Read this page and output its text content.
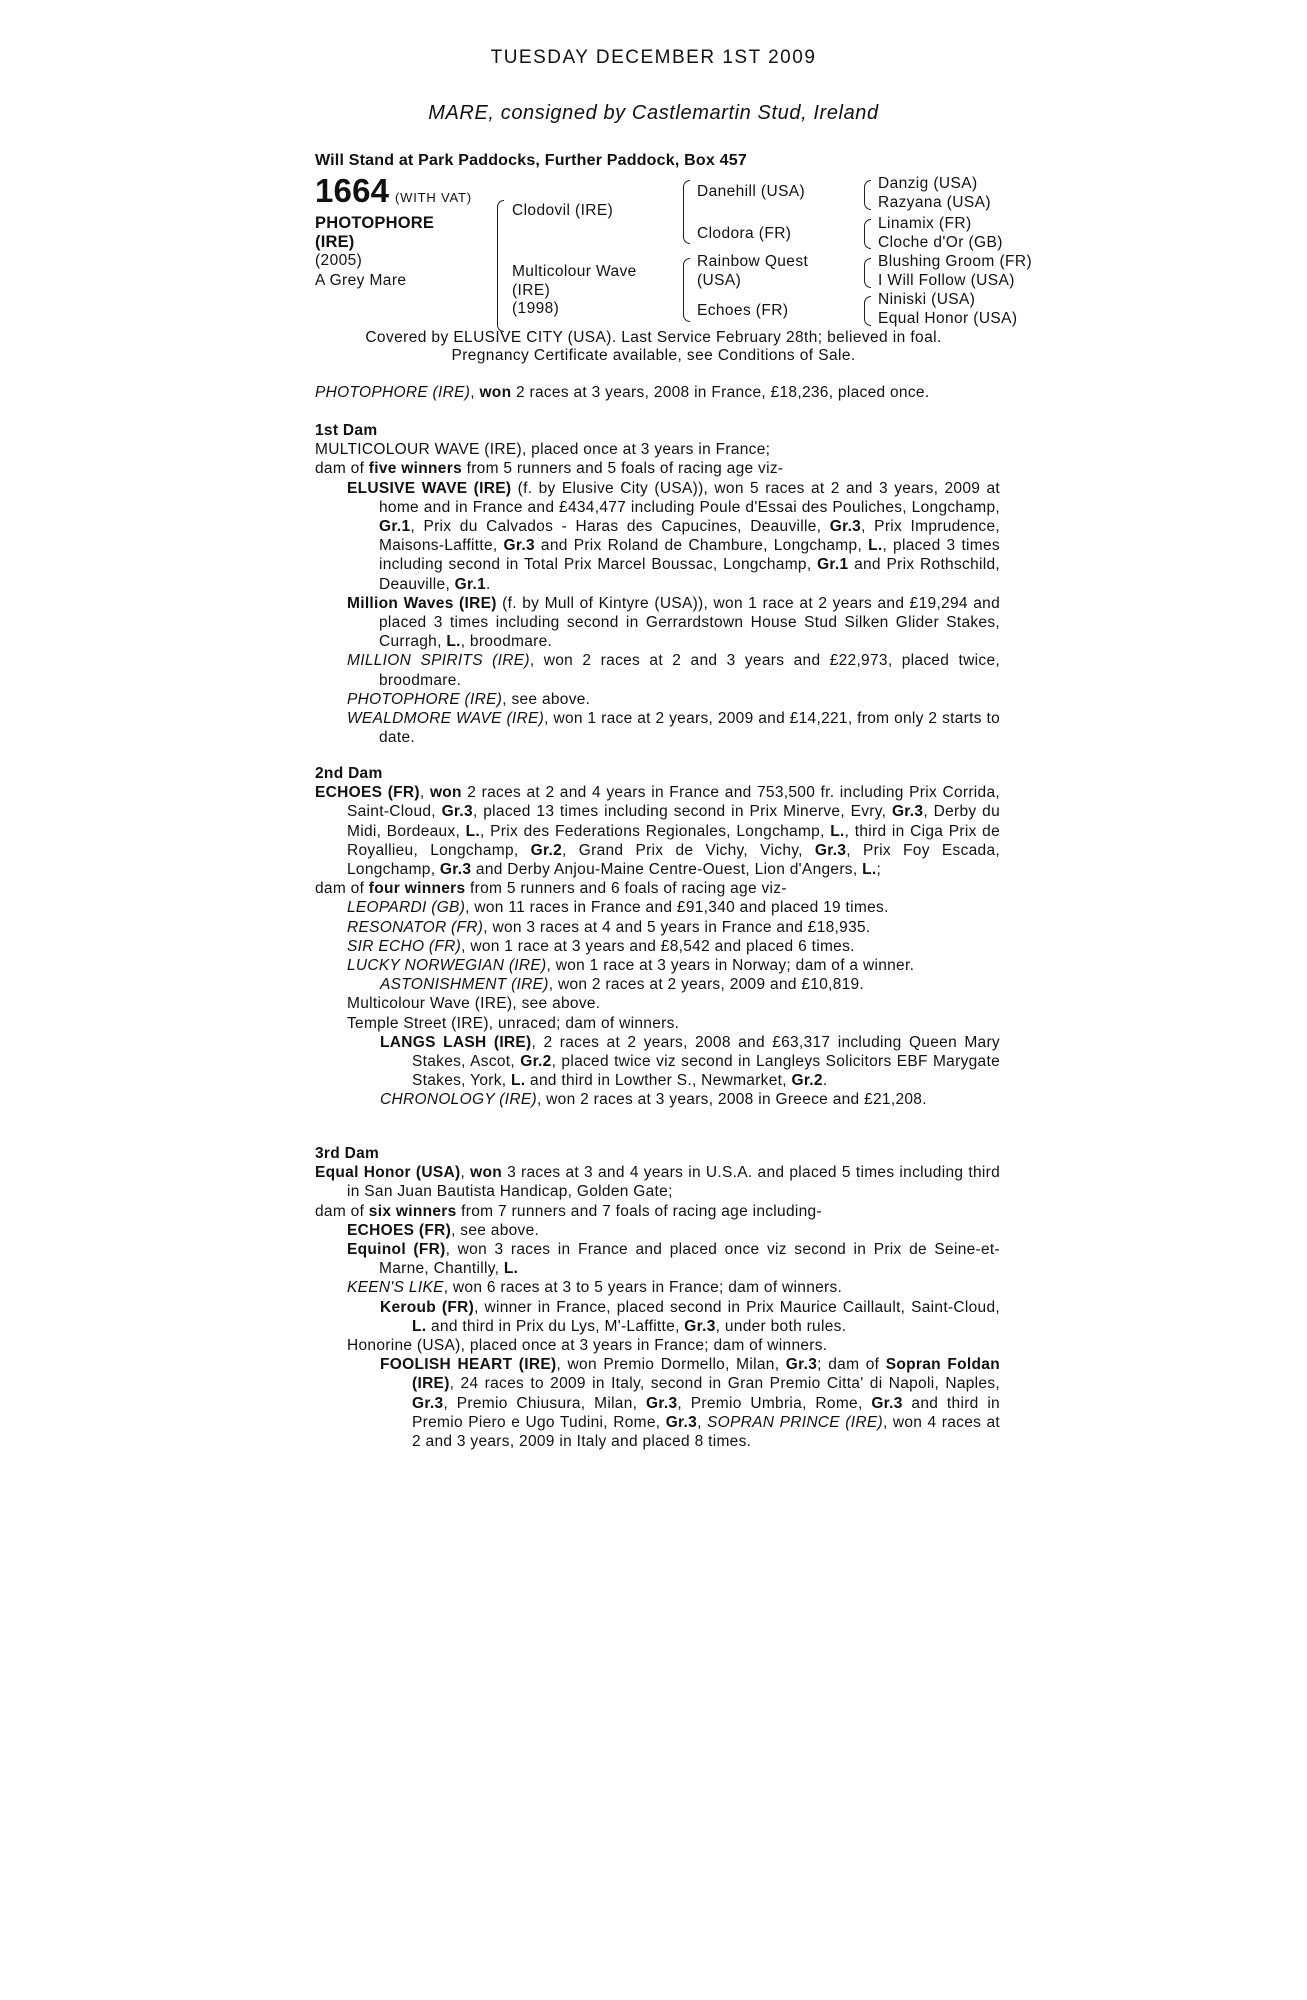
TUESDAY DECEMBER 1ST 2009
MARE, consigned by Castlemartin Stud, Ireland
Will Stand at Park Paddocks, Further Paddock, Box 457
1664 (WITH VAT)
PHOTOPHORE
(IRE)
(2005)
A Grey Mare
Clodovil (IRE)
Multicolour Wave
(IRE)
(1998)
Danehill (USA)
Clodora (FR)
Rainbow Quest
(USA)
Echoes (FR)
Danzig (USA)
Razyana (USA)
Linamix (FR)
Cloche d'Or (GB)
Blushing Groom (FR)
I Will Follow (USA)
Niniski (USA)
Equal Honor (USA)
Covered by ELUSIVE CITY (USA). Last Service February 28th; believed in foal.
Pregnancy Certificate available, see Conditions of Sale.

PHOTOPHORE (IRE), won 2 races at 3 years, 2008 in France, £18,236, placed once.

1st Dam

MULTICOLOUR WAVE (IRE), placed once at 3 years in France;

dam of five winners from 5 runners and 5 foals of racing age viz-

ELUSIVE WAVE (IRE) (f. by Elusive City (USA)), won 5 races at 2 and 3 years, 2009 at home and in France and £434,477 including Poule d'Essai des Pouliches, Longchamp, Gr.1, Prix du Calvados - Haras des Capucines, Deauville, Gr.3, Prix Imprudence, Maisons-Laffitte, Gr.3 and Prix Roland de Chambure, Longchamp, L., placed 3 times including second in Total Prix Marcel Boussac, Longchamp, Gr.1 and Prix Rothschild, Deauville, Gr.1.

Million Waves (IRE) (f. by Mull of Kintyre (USA)), won 1 race at 2 years and £19,294 and placed 3 times including second in Gerrardstown House Stud Silken Glider Stakes, Curragh, L., broodmare.

MILLION SPIRITS (IRE), won 2 races at 2 and 3 years and £22,973, placed twice, broodmare.

PHOTOPHORE (IRE), see above.

WEALDMORE WAVE (IRE), won 1 race at 2 years, 2009 and £14,221, from only 2 starts to date.

2nd Dam

ECHOES (FR), won 2 races at 2 and 4 years in France and 753,500 fr. including Prix Corrida, Saint-Cloud, Gr.3, placed 13 times including second in Prix Minerve, Evry, Gr.3, Derby du Midi, Bordeaux, L., Prix des Federations Regionales, Longchamp, L., third in Ciga Prix de Royallieu, Longchamp, Gr.2, Grand Prix de Vichy, Vichy, Gr.3, Prix Foy Escada, Longchamp, Gr.3 and Derby Anjou-Maine Centre-Ouest, Lion d'Angers, L.;

dam of four winners from 5 runners and 6 foals of racing age viz-

LEOPARDI (GB), won 11 races in France and £91,340 and placed 19 times.

RESONATOR (FR), won 3 races at 4 and 5 years in France and £18,935.

SIR ECHO (FR), won 1 race at 3 years and £8,542 and placed 6 times.

LUCKY NORWEGIAN (IRE), won 1 race at 3 years in Norway; dam of a winner.

ASTONISHMENT (IRE), won 2 races at 2 years, 2009 and £10,819.

Multicolour Wave (IRE), see above.

Temple Street (IRE), unraced; dam of winners.

LANGS LASH (IRE), 2 races at 2 years, 2008 and £63,317 including Queen Mary Stakes, Ascot, Gr.2, placed twice viz second in Langleys Solicitors EBF Marygate Stakes, York, L. and third in Lowther S., Newmarket, Gr.2.

CHRONOLOGY (IRE), won 2 races at 3 years, 2008 in Greece and £21,208.

3rd Dam

Equal Honor (USA), won 3 races at 3 and 4 years in U.S.A. and placed 5 times including third in San Juan Bautista Handicap, Golden Gate;

dam of six winners from 7 runners and 7 foals of racing age including-

ECHOES (FR), see above.

Equinol (FR), won 3 races in France and placed once viz second in Prix de Seine-et-Marne, Chantilly, L.

KEEN'S LIKE, won 6 races at 3 to 5 years in France; dam of winners.

Keroub (FR), winner in France, placed second in Prix Maurice Caillault, Saint-Cloud, L. and third in Prix du Lys, M'-Laffitte, Gr.3, under both rules.

Honorine (USA), placed once at 3 years in France; dam of winners.

FOOLISH HEART (IRE), won Premio Dormello, Milan, Gr.3; dam of Sopran Foldan (IRE), 24 races to 2009 in Italy, second in Gran Premio Citta' di Napoli, Naples, Gr.3, Premio Chiusura, Milan, Gr.3, Premio Umbria, Rome, Gr.3 and third in Premio Piero e Ugo Tudini, Rome, Gr.3, SOPRAN PRINCE (IRE), won 4 races at 2 and 3 years, 2009 in Italy and placed 8 times.
